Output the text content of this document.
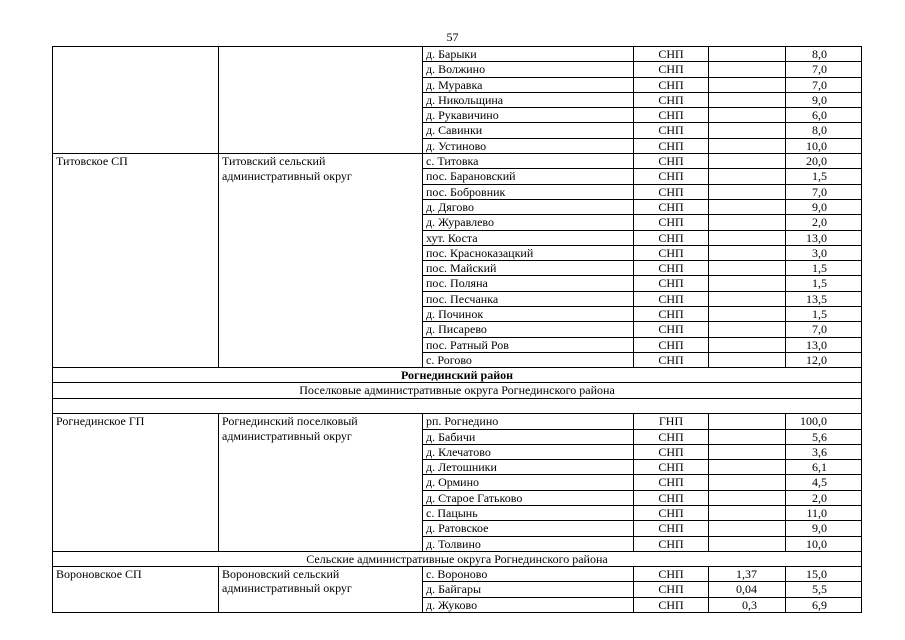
57
		д. Барыки	СНП		8,0
		д. Волжино	СНП		7,0
		д. Муравка	СНП		7,0
		д. Никольщина	СНП		9,0
		д. Рукавичино	СНП		6,0
		д. Савинки	СНП		8,0
		д. Устиново	СНП		10,0
Титовское СП	Титовский сельский административный округ	с. Титовка	СНП		20,0
		пос. Барановский	СНП		1,5
		пос. Бобровник	СНП		7,0
		д. Дягово	СНП		9,0
		д. Журавлево	СНП		2,0
		хут. Коста	СНП		13,0
		пос. Красноказацкий	СНП		3,0
		пос. Майский	СНП		1,5
		пос. Поляна	СНП		1,5
		пос. Песчанка	СНП		13,5
		д. Починок	СНП		1,5
		д. Писарево	СНП		7,0
		пос. Ратный Ров	СНП		13,0
		с. Рогово	СНП		12,0
Рогнединский район					
Поселковые административные округа Рогнединского района					

Рогнединское ГП	Рогнединский поселковый административный округ	рп. Рогнедино	ГНП		100,0
		д. Бабичи	СНП		5,6
		д. Клечатово	СНП		3,6
		д. Летошники	СНП		6,1
		д. Ормино	СНП		4,5
		д. Старое Гатьково	СНП		2,0
		с. Пацынь	СНП		11,0
		д. Ратовское	СНП		9,0
		д. Толвино	СНП		10,0
Сельские административные округа Рогнединского района					
Вороновское СП	Вороновский сельский административный округ	с. Вороново	СНП	1,37	15,0
		д. Байгары	СНП	0,04	5,5
		д. Жуково	СНП	0,3	6,9
